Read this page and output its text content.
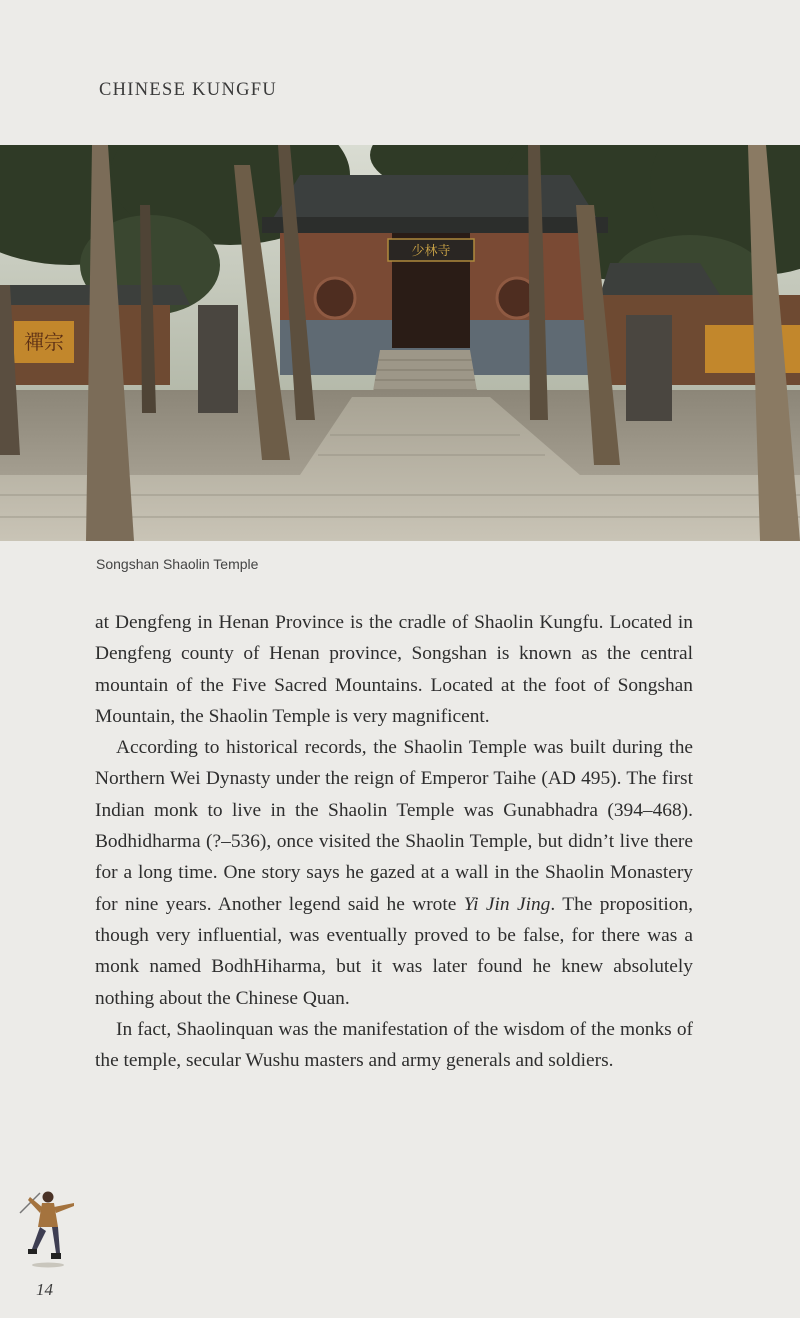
CHINESE KUNGFU
禪宗
少林寺
Songshan Shaolin Temple

at Dengfeng in Henan Province is the cradle of Shaolin Kungfu. Located in Dengfeng county of Henan province, Songshan is known as the central mountain of the Five Sacred Mountains. Located at the foot of Songshan Mountain, the Shaolin Temple is very magnificent.

According to historical records, the Shaolin Temple was built during the Northern Wei Dynasty under the reign of Emperor Taihe (AD 495). The first Indian monk to live in the Shaolin Temple was Gunabhadra (394–468). Bodhidharma (?–536), once visited the Shaolin Temple, but didn’t live there for a long time. One story says he gazed at a wall in the Shaolin Monastery for nine years. Another legend said he wrote Yi Jin Jing. The proposition, though very influential, was eventually proved to be false, for there was a monk named BodhHiharma, but it was later found he knew absolutely nothing about the Chinese Quan.

In fact, Shaolinquan was the manifestation of the wisdom of the monks of the temple, secular Wushu masters and army generals and soldiers.

14
